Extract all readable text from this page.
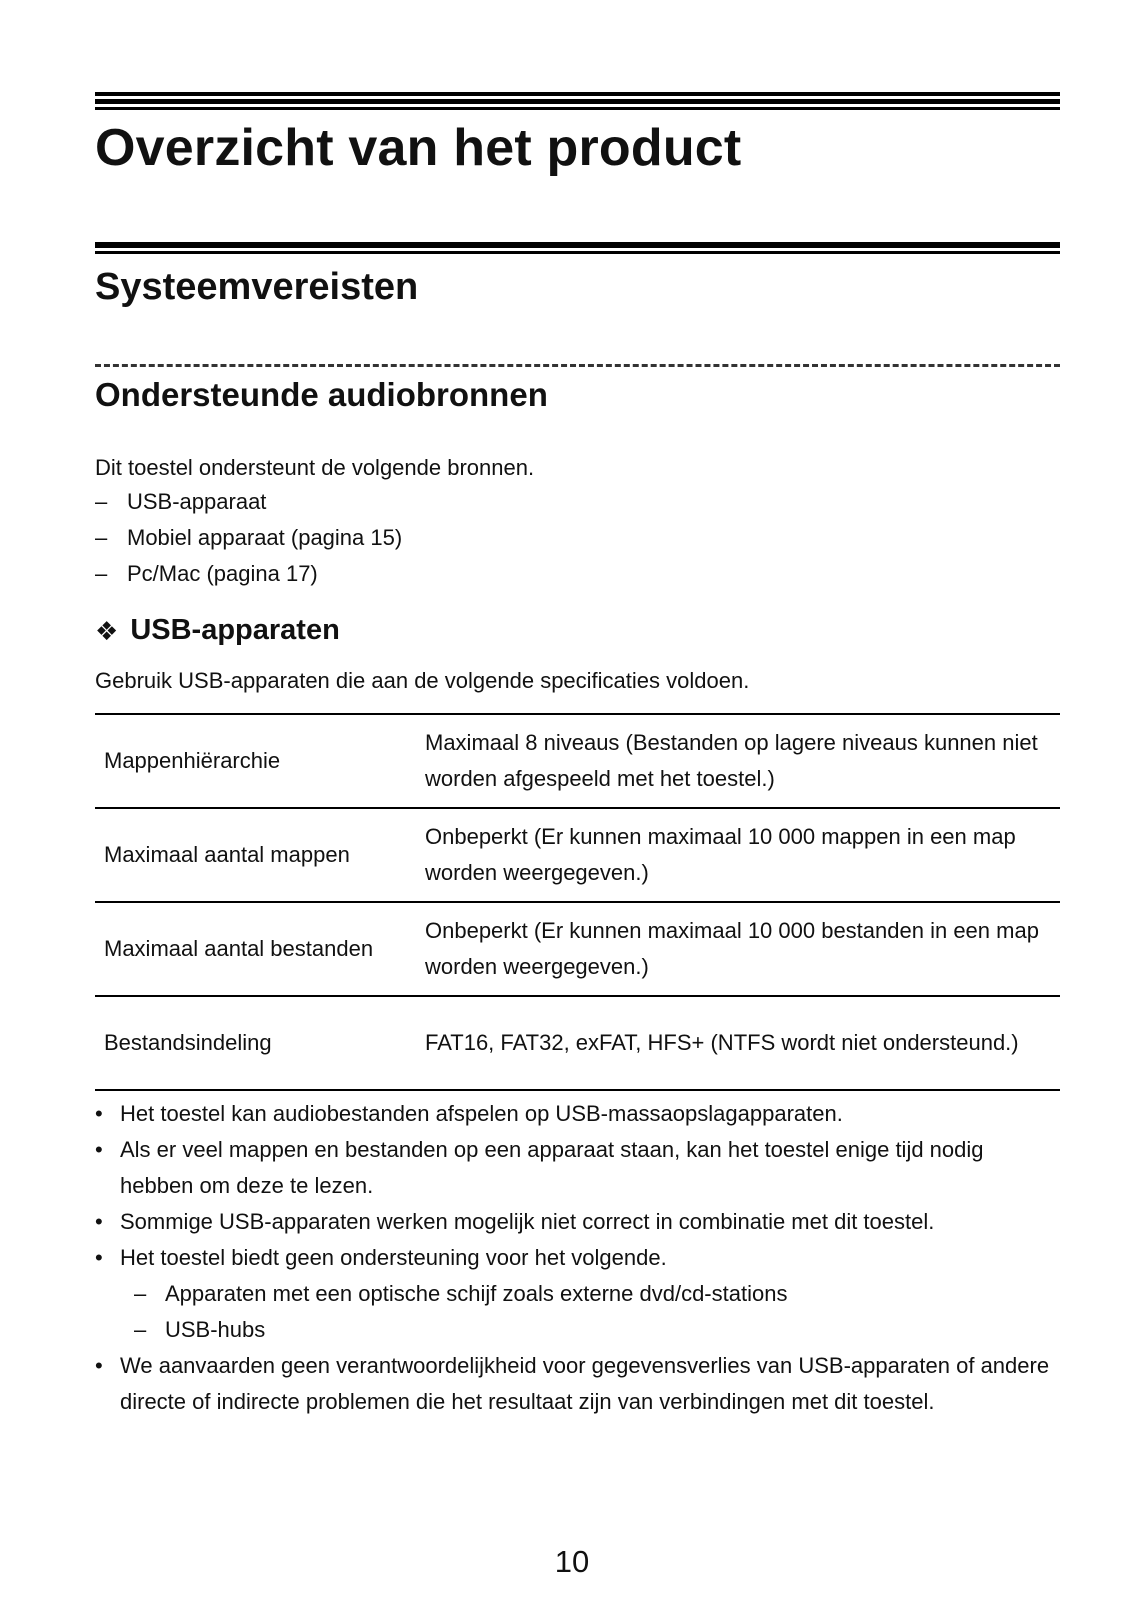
Overzicht van het product
Systeemvereisten
Ondersteunde audiobronnen
Dit toestel ondersteunt de volgende bronnen.
– USB-apparaat
– Mobiel apparaat (pagina 15)
– Pc/Mac (pagina 17)
❖ USB-apparaten
Gebruik USB-apparaten die aan de volgende specificaties voldoen.
Mappenhiërarchie	Maximaal 8 niveaus (Bestanden op lagere niveaus kunnen niet worden afgespeeld met het toestel.)
Maximaal aantal mappen	Onbeperkt (Er kunnen maximaal 10 000 mappen in een map worden weergegeven.)
Maximaal aantal bestanden	Onbeperkt (Er kunnen maximaal 10 000 bestanden in een map worden weergegeven.)
Bestandsindeling	FAT16, FAT32, exFAT, HFS+ (NTFS wordt niet ondersteund.)
• Het toestel kan audiobestanden afspelen op USB-massaopslagapparaten.
• Als er veel mappen en bestanden op een apparaat staan, kan het toestel enige tijd nodig hebben om deze te lezen.
• Sommige USB-apparaten werken mogelijk niet correct in combinatie met dit toestel.
• Het toestel biedt geen ondersteuning voor het volgende.
– Apparaten met een optische schijf zoals externe dvd/cd-stations
– USB-hubs
• We aanvaarden geen verantwoordelijkheid voor gegevensverlies van USB-apparaten of andere directe of indirecte problemen die het resultaat zijn van verbindingen met dit toestel.
10
